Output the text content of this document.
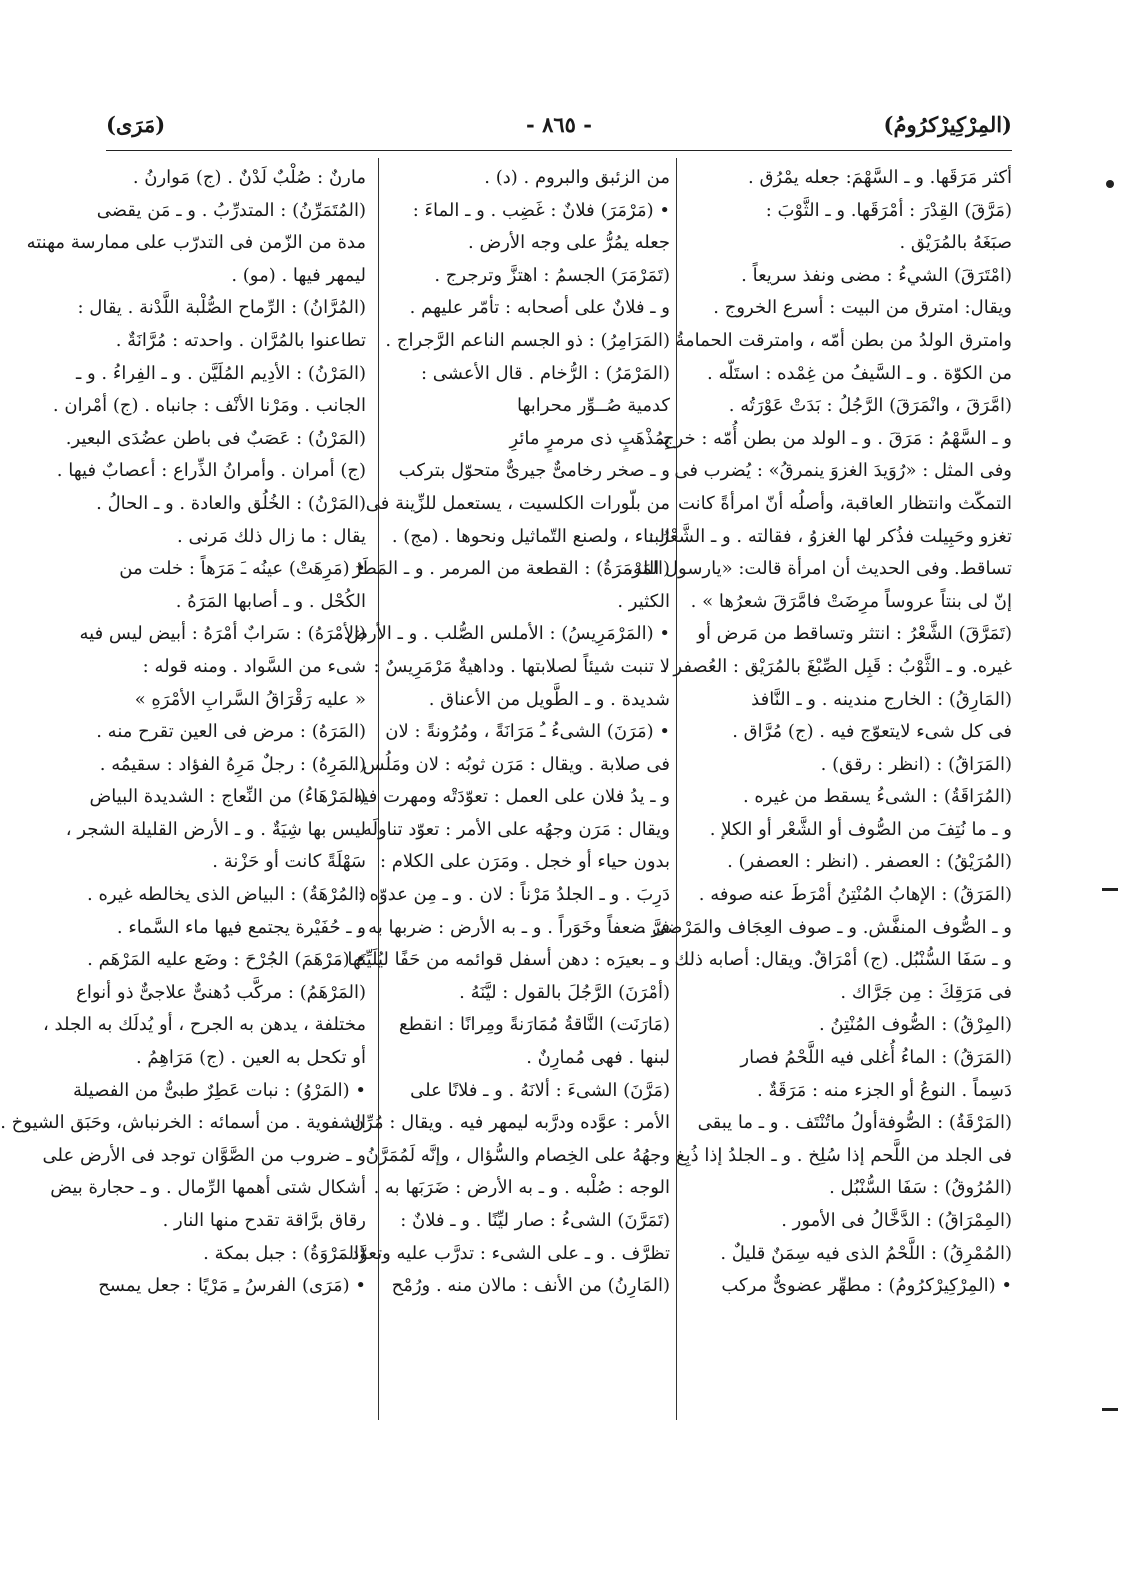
(المِرْكِيرْكرُومُ)
- ٨٦٥ -
(مَرَى)
أكثر مَرَقَها. و ـ السَّهْمَ: جعله يمْرُق .
(مَرَّقَ) القِدْرَ : أمْرَقَها. و ـ الثَّوْبَ :
صبَغَهُ بالمُرَيْق .
(امْتَرَقَ) الشيءُ : مضى ونفذ سريعاً .
ويقال: امترق من البيت : أسرع الخروج .
وامترق الولدُ من بطن أمّه ، وامترقت الحمامةُ
من الكوّة . و ـ السَّيفُ من غِمْده : استَلّه .
(امَّرَقَ ، وانْمَرَقَ) الرَّجُلُ : بَدَتْ عَوْرَتُه .
و ـ السَّهْمُ : مَرَقَ . و ـ الولد من بطن أُمّه : خرج.
وفى المثل : «رُوَيدَ الغزوَ ينمرقُ» : يُضرب فى
التمكّث وانتظار العاقبة، وأصلُه أنّ امرأةً كانت
تغزو وحَبِيلت فذُكر لها الغزوُ ، فقالته . و ـ الشَّعْرُ :
تساقط. وفى الحديث أن امرأة قالت: «يارسول الله،
إنّ لى بنتاً عروساً مرِضَتْ فامَّرَقَ شعرُها » .
(تَمَرَّقَ) الشَّعْرُ : انتثر وتساقط من مَرض أو
غيره. و ـ الثَّوْبُ : قَبِل الصِّبْغَ بالمُرَيْق : العُصفر .
(المَارِقُ) : الخارج مندينه . و ـ النَّافذ
فى كل شىء لايتعوّج فيه . (ج) مُرَّاق .
(المَرَاقُ) : (انظر : رقق) .
(المُرَاقَةُ) : الشىءُ يسقط من غيره .
و ـ ما نُتِفَ من الصُّوف أو الشَّعْر أو الكلإ .
(المُرَيْقُ) : العصفر . (انظر : العصفر) .
(المَرَقُ) : الإهابُ المُنْتِنُ أمْرَطَ عنه صوفه .
و ـ الصُّوف المنفَّش. و ـ صوف العِجَاف والمَرْضى .
و ـ سَفَا السُّنْبُل. (ج) أمْرَاقٌ. ويقال: أصابه ذلك
فى مَرَقِكَ : مِن جَرَّاك .
(المِرْقُ) : الصُّوف المُنْتِنُ .
(المَرَقُ) : الماءُ أُغلى فيه اللَّحْمُ فصار
دَسِماً . النوعُ أو الجزء منه : مَرَقَةٌ .
(المَرْقَةُ) : الصُّوفةأولُ ماتُنْتَف . و ـ ما يبقى
فى الجلد من اللَّحم إذا سُلِخ . و ـ الجلدُ إذا ذُبِغ .
(المُرُوقُ) : سَفَا السُّنْبُل .
(المِمْرَاقُ) : الدَّخَّالُ فى الأمور .
(المُمْرِقُ) : اللَّحْمُ الذى فيه سِمَنٌ قليلٌ .
• (المِرْكِيرْكرُومُ) : مطهِّر عضوىٌّ مركب
من الزئبق والبروم . (د) .
• (مَرْمَرَ) فلانٌ : غَضِب . و ـ الماءَ :
جعله يمُرُّ على وجه الأرض .
(تَمَرْمَرَ) الجسمُ : اهتزَّ وترجرج .
و ـ فلانٌ على أصحابه : تأمّر عليهم .
(المَرَامِرُ) : ذو الجسم الناعم الرَّجراج .
(المَرْمَرُ) : الرُّخام . قال الأعشى :
كدمية صُــوِّر محرابها
بِمُذْهَبٍ ذى مرمرٍ مائرِ
و ـ صخر رخامىٌّ جيرىٌّ متحوّل بتركب
من بلّورات الكلسيت ، يستعمل للزِّينة فى
البناء ، ولصنع التّماثيل ونحوها . (مج) .
(المَرْمَرَةُ) : القطعة من المرمر . و ـ المَطَرُ
الكثير .
• (المَرْمَرِيسُ) : الأملس الصُّلب . و ـ الأرض
لا تنبت شيئاً لصلابتها . وداهيةٌ مَرْمَرِيسٌ :
شديدة . و ـ الطَّويل من الأعناق .
• (مَرَنَ) الشىءُ ـُ مَرَانَةً ، ومُرُونةً : لان
فى صلابة . ويقال : مَرَن ثوبُه : لان ومَلُس .
و ـ يدُ فلان على العمل : تعوّدَتْه ومهرت فيه.
ويقال : مَرَن وجهُه على الأمر : تعوّد تناولَه
بدون حياء أو خجل . ومَرَن على الكلام :
دَرِبَ . و ـ الجلدُ مَرْناً : لان . و ـ مِن عدوّه :
فرَّ ضعفاً وخَوَراً . و ـ به الأرض : ضربها به .
و ـ بعيرَه : دهن أسفل قوائمه من حَفًا ليُلَيِّنَها .
(أمْرَنَ) الرَّجُلَ بالقول : ليَّنَهُ .
(مَارَنَت) النَّاقةُ مُمَارَنةً ومِرانًا : انقطع
لبنها . فهى مُمارِنٌ .
(مَرَّنَ) الشىءَ : ألانَهُ . و ـ فلانًا على
الأمر : عوَّده ودرَّبه ليمهر فيه . ويقال : مُرِّن
وجهُهُ على الخِصام والسُّؤال ، وإنَّه لَمُمَرَّنُ
الوجه : صُلْبه . و ـ به الأرض : ضَرَبَها به .
(تَمَرَّنَ) الشىءُ : صار ليِّنًا . و ـ فلانٌ :
تظرَّف . و ـ على الشىء : تدرَّب عليه وتعوَّد .
(المَارِنُ) من الأنف : مالان منه . ورُمْح
مارنٌ : صُلْبٌ لَدْنٌ . (ج) مَوارنُ .
(المُتَمَرِّنُ) : المتدرِّبُ . و ـ مَن يقضى
مدة من الزّمن فى التدرّب على ممارسة مهنته
ليمهر فيها . (مو) .
(المُرَّانُ) : الرِّماح الصُّلْبة اللَّدْنة . يقال :
تطاعنوا بالمُرَّان . واحدته : مُرَّانَةٌ .
(المَرْنُ) : الأدِيم المُلَيَّن . و ـ الفِراءُ . و ـ
الجانب . ومَرْنا الأنْف : جانباه . (ج) أمْران .
(المَرْنُ) : عَصَبٌ فى باطن عضُدَى البعير.
(ج) أمران . وأمرانُ الذِّراع : أعصابٌ فيها .
(المَرْنُ) : الخُلُق والعادة . و ـ الحالُ .
يقال : ما زال ذلك مَرنى .
• (مَرِهَتْ) عينُه ـَ مَرَهاً : خلت من
الكُحْل . و ـ أصابها المَرَهُ .
(الأمْرَهُ) : سَرابٌ أمْرَهُ : أبيض ليس فيه
شىء من السَّواد . ومنه قوله :
« عليه رَقْرَاقُ السَّرابِ الأمْرَهِ »
(المَرَهُ) : مرض فى العين تقرح منه .
(المَرِهُ) : رجلٌ مَرِهُ الفؤاد : سقيمُه .
(المَرْهَاءُ) من النِّعاج : الشديدة البياض
ليس بها شِيَةٌ . و ـ الأرض القليلة الشجر ،
سَهْلَةً كانت أو حَزْنة .
(المُرْهَةُ) : البياض الذى يخالطه غيره .
و ـ حُفَيْرة يجتمع فيها ماء السَّماء .
• (مَرْهَمَ) الجُرْحَ : وضَع عليه المَرْهَم .
(المَرْهَمُ) : مركَّب دُهنىٌّ علاجىٌّ ذو أنواع
مختلفة ، يدهن به الجرح ، أو يُدلَك به الجلد ،
أو تكحل به العين . (ج) مَرَاهِمُ .
• (المَرْوُ) : نبات عَطِرٌ طبىٌّ من الفصيلة
الشفوية . من أسمائه : الخرنباش، وحَبَق الشيوخ .
و ـ ضروب من الصَّوَّان توجد فى الأرض على
أشكال شتى أهمها الرِّمال . و ـ حجارة بيض
رقاق برَّاقة تقدح منها النار .
(المَرْوَةُ) : جبل بمكة .
• (مَرَى) الفرسُ ـِ مَرْيًا : جعل يمسح
